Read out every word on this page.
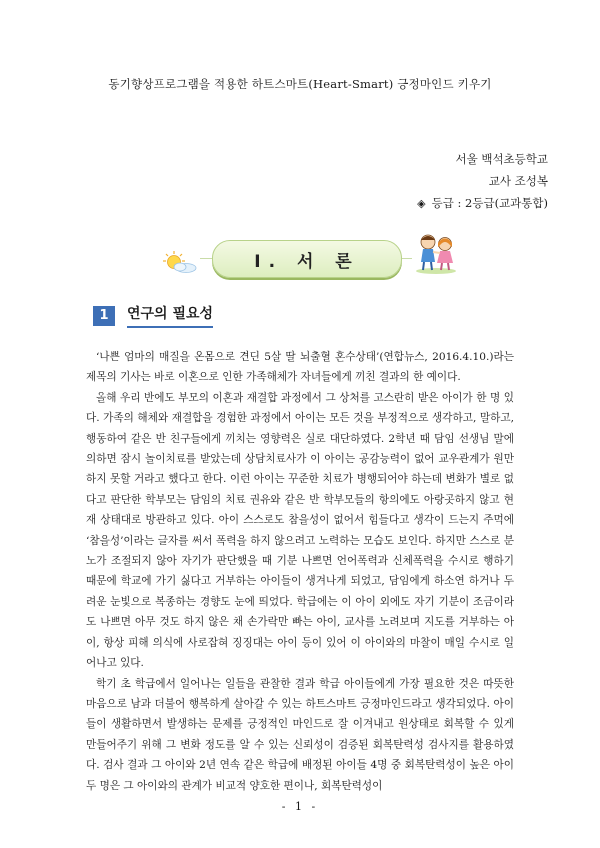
동기향상프로그램을 적용한 하트스마트(Heart-Smart) 긍정마인드 키우기
서울 백석초등학교
교사 조성복
◈ 등급 : 2등급(교과통합)
Ⅰ. 서 론
1	연구의 필요성

‘나쁜 엄마의 매질을 온몸으로 견딘 5살 딸 뇌출혈 혼수상태’(연합뉴스, 2016.4.10.)라는 제목의 기사는 바로 이혼으로 인한 가족해체가 자녀들에게 끼친 결과의 한 예이다.

올해 우리 반에도 부모의 이혼과 재결합 과정에서 그 상처를 고스란히 받은 아이가 한 명 있다. 가족의 해체와 재결합을 경험한 과정에서 아이는 모든 것을 부정적으로 생각하고, 말하고, 행동하여 같은 반 친구들에게 끼치는 영향력은 실로 대단하였다. 2학년 때 담임 선생님 말에 의하면 잠시 놀이치료를 받았는데 상담치료사가 이 아이는 공감능력이 없어 교우관계가 원만하지 못할 거라고 했다고 한다. 이런 아이는 꾸준한 치료가 병행되어야 하는데 변화가 별로 없다고 판단한 학부모는 담임의 치료 권유와 같은 반 학부모들의 항의에도 아랑곳하지 않고 현재 상태대로 방관하고 있다. 아이 스스로도 참을성이 없어서 힘들다고 생각이 드는지 주먹에 ‘참을성’이라는 글자를 써서 폭력을 하지 않으려고 노력하는 모습도 보인다. 하지만 스스로 분노가 조절되지 않아 자기가 판단했을 때 기분 나쁘면 언어폭력과 신체폭력을 수시로 행하기 때문에 학교에 가기 싫다고 거부하는 아이들이 생겨나게 되었고, 담임에게 하소연 하거나 두려운 눈빛으로 복종하는 경향도 눈에 띄었다. 학급에는 이 아이 외에도 자기 기분이 조금이라도 나쁘면 아무 것도 하지 않은 채 손가락만 빠는 아이, 교사를 노려보며 지도를 거부하는 아이, 항상 피해 의식에 사로잡혀 징징대는 아이 등이 있어 이 아이와의 마찰이 매일 수시로 일어나고 있다.

학기 초 학급에서 일어나는 일들을 관찰한 결과 학급 아이들에게 가장 필요한 것은 따뜻한 마음으로 남과 더불어 행복하게 살아갈 수 있는 하트스마트 긍정마인드라고 생각되었다. 아이들이 생활하면서 발생하는 문제를 긍정적인 마인드로 잘 이겨내고 원상태로 회복할 수 있게 만들어주기 위해 그 변화 정도를 알 수 있는 신뢰성이 검증된 회복탄력성 검사지를 활용하였다. 검사 결과 그 아이와 2년 연속 같은 학급에 배정된 아이들 4명 중 회복탄력성이 높은 아이 두 명은 그 아이와의 관계가 비교적 양호한 편이나, 회복탄력성이

- 1 -
